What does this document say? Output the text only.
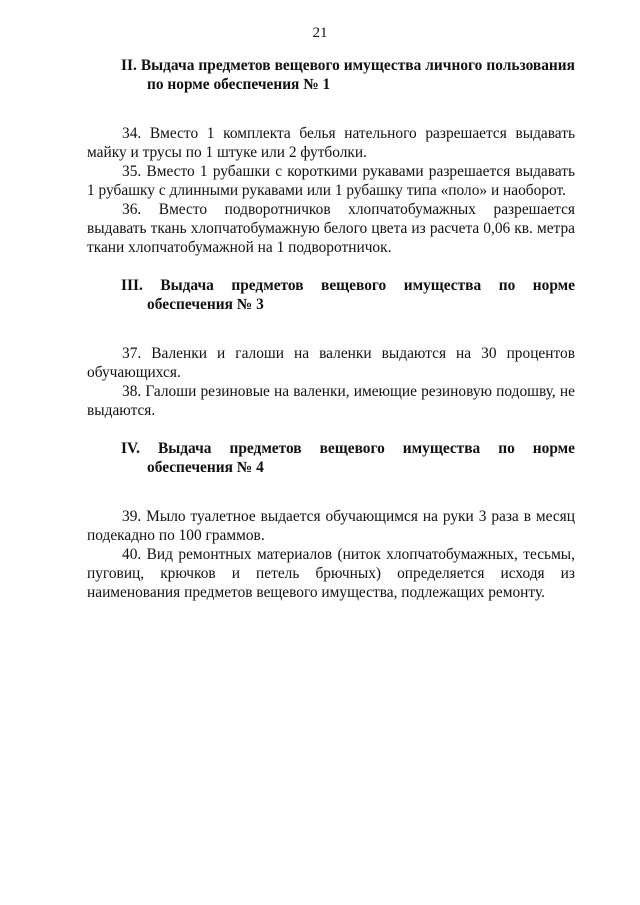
21
II. Выдача предметов вещевого имущества личного пользования по норме обеспечения № 1

34. Вместо 1 комплекта белья нательного разрешается выдавать майку и трусы по 1 штуке или 2 футболки.

35. Вместо 1 рубашки с короткими рукавами разрешается выдавать 1 рубашку с длинными рукавами или 1 рубашку типа «поло» и наоборот.

36. Вместо подворотничков хлопчатобумажных разрешается выдавать ткань хлопчатобумажную белого цвета из расчета 0,06 кв. метра ткани хлопчатобумажной на 1 подворотничок.

III. Выдача предметов вещевого имущества по норме обеспечения № 3

37. Валенки и галоши на валенки выдаются на 30 процентов обучающихся.

38. Галоши резиновые на валенки, имеющие резиновую подошву, не выдаются.

IV. Выдача предметов вещевого имущества по норме обеспечения № 4

39. Мыло туалетное выдается обучающимся на руки 3 раза в месяц подекадно по 100 граммов.

40. Вид ремонтных материалов (ниток хлопчатобумажных, тесьмы, пуговиц, крючков и петель брючных) определяется исходя из наименования предметов вещевого имущества, подлежащих ремонту.
